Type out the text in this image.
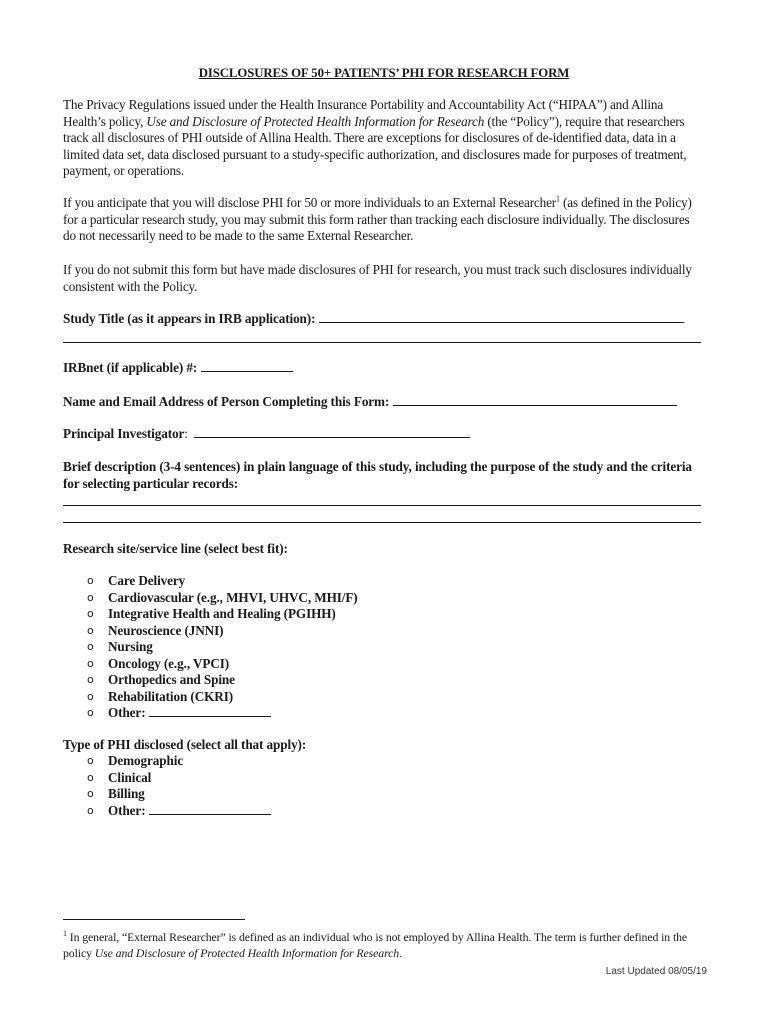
DISCLOSURES OF 50+ PATIENTS’ PHI FOR RESEARCH FORM

The Privacy Regulations issued under the Health Insurance Portability and Accountability Act (“HIPAA”) and Allina Health’s policy, Use and Disclosure of Protected Health Information for Research (the “Policy”), require that researchers track all disclosures of PHI outside of Allina Health. There are exceptions for disclosures of de-identified data, data in a limited data set, data disclosed pursuant to a study-specific authorization, and disclosures made for purposes of treatment, payment, or operations.

If you anticipate that you will disclose PHI for 50 or more individuals to an External Researcher$^1$ (as defined in the Policy) for a particular research study, you may submit this form rather than tracking each disclosure individually. The disclosures do not necessarily need to be made to the same External Researcher.

If you do not submit this form but have made disclosures of PHI for research, you must track such disclosures individually consistent with the Policy.

Study Title (as it appears in IRB application):
IRBnet (if applicable) #:
Name and Email Address of Person Completing this Form:
Principal Investigator:
Brief description (3-4 sentences) in plain language of this study, including the purpose of the study and the criteria for selecting particular records:
Research site/service line (select best fit):
o Care Delivery
o Cardiovascular (e.g., MHVI, UHVC, MHI/F)
o Integrative Health and Healing (PGIHH)
o Neuroscience (JNNI)
o Nursing
o Oncology (e.g., VPCI)
o Orthopedics and Spine
o Rehabilitation (CKRI)
o Other:
Type of PHI disclosed (select all that apply):
o Demographic
o Clinical
o Billing
o Other:
$^1$ In general, “External Researcher” is defined as an individual who is not employed by Allina Health. The term is further defined in the policy Use and Disclosure of Protected Health Information for Research.
Last Updated 08/05/19
